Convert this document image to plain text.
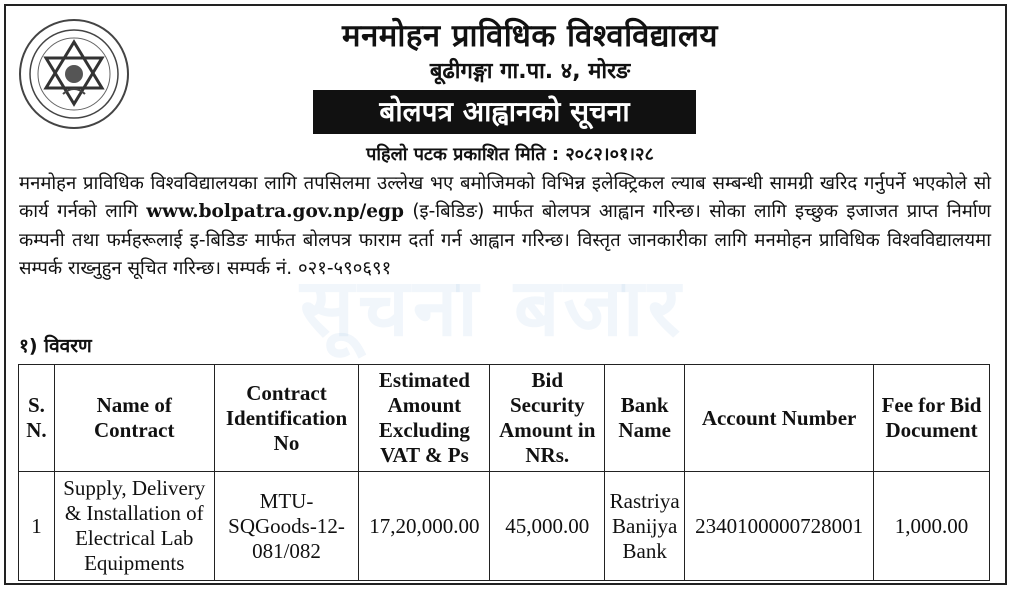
मनमोहन प्राविधिक विश्वविद्यालय
बूढीगङ्गा गा.पा. ४, मोरङ
बोलपत्र आह्वानको सूचना
पहिलो पटक प्रकाशित मिति : २०८२।०१।२८
सूचना बजार

मनमोहन प्राविधिक विश्वविद्यालयका लागि तपसिलमा उल्लेख भए बमोजिमको विभिन्न इलेक्ट्रिकल ल्याब सम्बन्धी सामग्री खरिद गर्नुपर्ने भएकोले सो कार्य गर्नको लागि www.bolpatra.gov.np/egp (इ-बिडिङ) मार्फत बोलपत्र आह्वान गरिन्छ। सोका लागि इच्छुक इजाजत प्राप्त निर्माण कम्पनी तथा फर्महरूलाई इ-बिडिङ मार्फत बोलपत्र फाराम दर्ता गर्न आह्वान गरिन्छ। विस्तृत जानकारीका लागि मनमोहन प्राविधिक विश्वविद्यालयमा सम्पर्क राख्नुहुन सूचित गरिन्छ। सम्पर्क नं. ०२१-५९०६९१

१) विवरण
S. N.	Name of Contract	Contract Identification No	Estimated Amount Excluding VAT & Ps	Bid Security Amount in NRs.	Bank Name	Account Number	Fee for Bid Document
1	Supply, Delivery & Installation of Electrical Lab Equipments	MTU-SQGoods-12-081/082	17,20,000.00	45,000.00	Rastriya Banijya Bank	2340100000728001	1,000.00
